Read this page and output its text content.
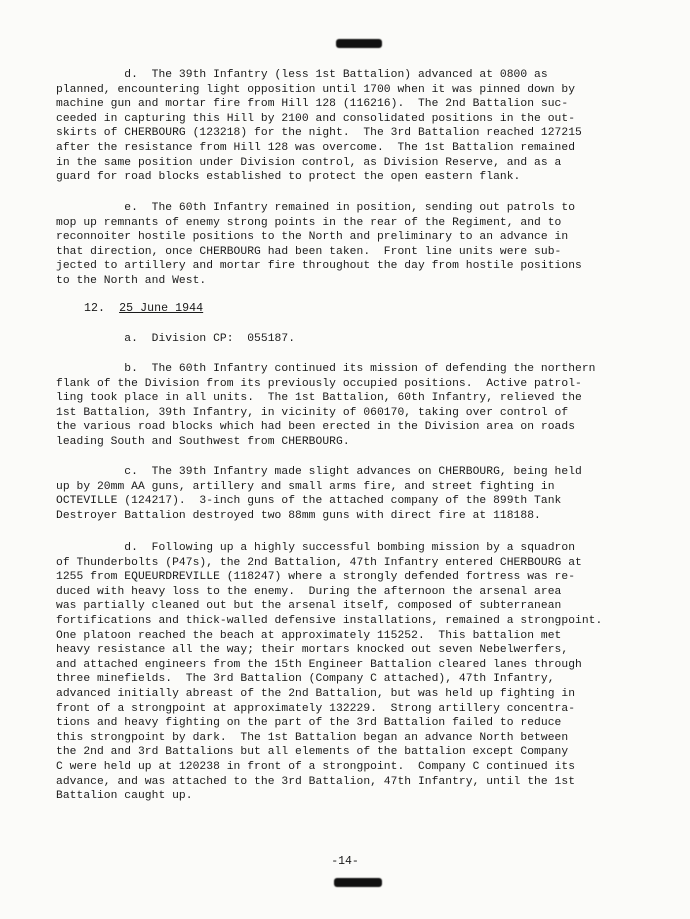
d.  The 39th Infantry (less 1st Battalion) advanced at 0800 as
planned, encountering light opposition until 1700 when it was pinned down by
machine gun and mortar fire from Hill 128 (116216).  The 2nd Battalion suc-
ceeded in capturing this Hill by 2100 and consolidated positions in the out-
skirts of CHERBOURG (123218) for the night.  The 3rd Battalion reached 127215
after the resistance from Hill 128 was overcome.  The 1st Battalion remained
in the same position under Division control, as Division Reserve, and as a
guard for road blocks established to protect the open eastern flank.
e.  The 60th Infantry remained in position, sending out patrols to
mop up remnants of enemy strong points in the rear of the Regiment, and to
reconnoiter hostile positions to the North and preliminary to an advance in
that direction, once CHERBOURG had been taken.  Front line units were sub-
jected to artillery and mortar fire throughout the day from hostile positions
to the North and West.
12. 25 June 1944
a.  Division CP:  055187.
b.  The 60th Infantry continued its mission of defending the northern
flank of the Division from its previously occupied positions.  Active patrol-
ling took place in all units.  The 1st Battalion, 60th Infantry, relieved the
1st Battalion, 39th Infantry, in vicinity of 060170, taking over control of
the various road blocks which had been erected in the Division area on roads
leading South and Southwest from CHERBOURG.
c.  The 39th Infantry made slight advances on CHERBOURG, being held
up by 20mm AA guns, artillery and small arms fire, and street fighting in
OCTEVILLE (124217).  3-inch guns of the attached company of the 899th Tank
Destroyer Battalion destroyed two 88mm guns with direct fire at 118188.
d.  Following up a highly successful bombing mission by a squadron
of Thunderbolts (P47s), the 2nd Battalion, 47th Infantry entered CHERBOURG at
1255 from EQUEURDREVILLE (118247) where a strongly defended fortress was re-
duced with heavy loss to the enemy.  During the afternoon the arsenal area
was partially cleaned out but the arsenal itself, composed of subterranean
fortifications and thick-walled defensive installations, remained a strongpoint.
One platoon reached the beach at approximately 115252.  This battalion met
heavy resistance all the way; their mortars knocked out seven Nebelwerfers,
and attached engineers from the 15th Engineer Battalion cleared lanes through
three minefields.  The 3rd Battalion (Company C attached), 47th Infantry,
advanced initially abreast of the 2nd Battalion, but was held up fighting in
front of a strongpoint at approximately 132229.  Strong artillery concentra-
tions and heavy fighting on the part of the 3rd Battalion failed to reduce
this strongpoint by dark.  The 1st Battalion began an advance North between
the 2nd and 3rd Battalions but all elements of the battalion except Company
C were held up at 120238 in front of a strongpoint.  Company C continued its
advance, and was attached to the 3rd Battalion, 47th Infantry, until the 1st
Battalion caught up.
-14-
